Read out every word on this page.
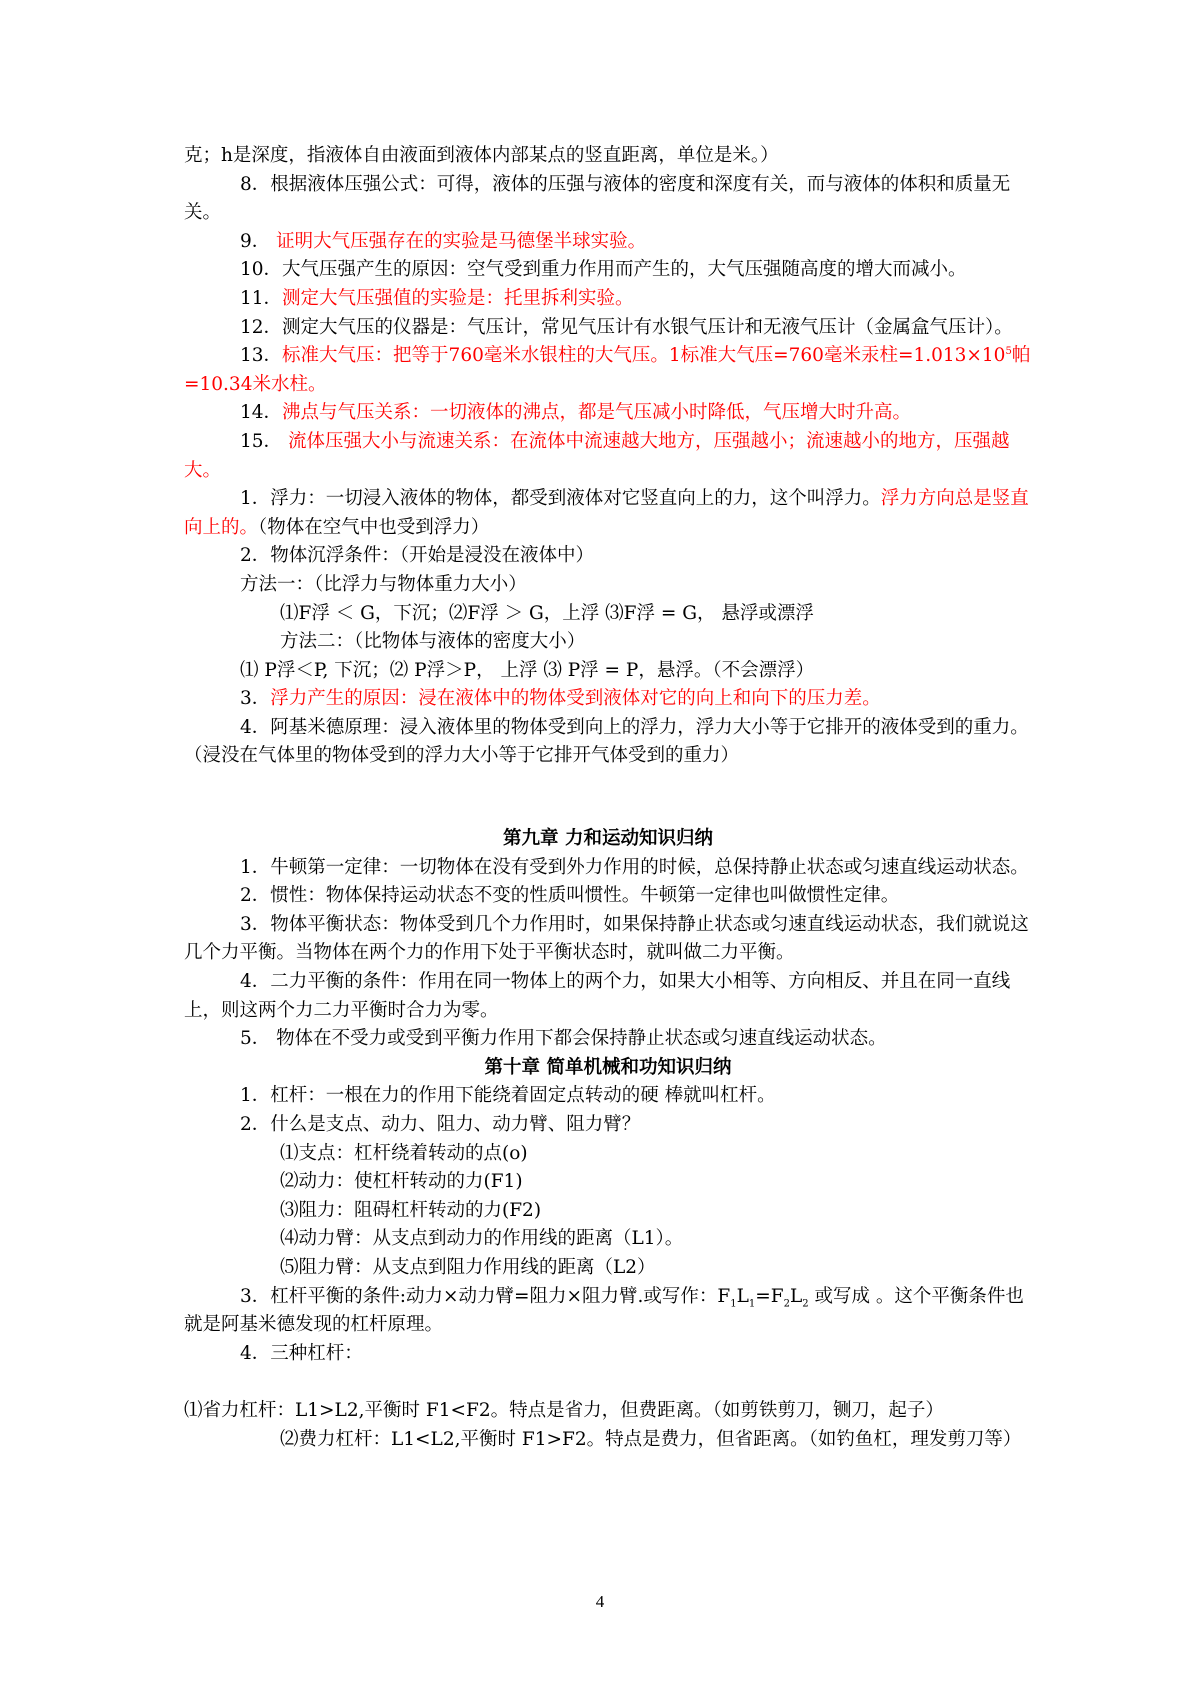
克；h是深度，指液体自由液面到液体内部某点的竖直距离，单位是米。）

8．根据液体压强公式：可得，液体的压强与液体的密度和深度有关，而与液体的体积和质量无关。

9． 证明大气压强存在的实验是马德堡半球实验。

10．大气压强产生的原因：空气受到重力作用而产生的，大气压强随高度的增大而减小。

11．测定大气压强值的实验是：托里拆利实验。

12．测定大气压的仪器是：气压计，常见气压计有水银气压计和无液气压计（金属盒气压计）。

13．标准大气压：把等于760毫米水银柱的大气压。1标准大气压=760毫米汞柱$=1.013\times 10^5$帕=10.34米水柱。

14．沸点与气压关系：一切液体的沸点，都是气压减小时降低，气压增大时升高。

15． 流体压强大小与流速关系：在流体中流速越大地方，压强越小；流速越小的地方，压强越大。

1．浮力：一切浸入液体的物体，都受到液体对它竖直向上的力，这个叫浮力。浮力方向总是竖直向上的。（物体在空气中也受到浮力）

2．物体沉浮条件：（开始是浸没在液体中）

方法一：（比浮力与物体重力大小）

⑴F浮 ＜ G，下沉；⑵F浮 ＞ G，上浮 ⑶F浮 = G， 悬浮或漂浮

方法二：（比物体与液体的密度大小）

⑴ P浮＜P, 下沉；⑵ P浮＞P， 上浮 ⑶ P浮 = P，悬浮。（不会漂浮）

3．浮力产生的原因：浸在液体中的物体受到液体对它的向上和向下的压力差。

4．阿基米德原理：浸入液体里的物体受到向上的浮力，浮力大小等于它排开的液体受到的重力。（浸没在气体里的物体受到的浮力大小等于它排开气体受到的重力）

第九章 力和运动知识归纳

1．牛顿第一定律：一切物体在没有受到外力作用的时候，总保持静止状态或匀速直线运动状态。

2．惯性：物体保持运动状态不变的性质叫惯性。牛顿第一定律也叫做惯性定律。

3．物体平衡状态：物体受到几个力作用时，如果保持静止状态或匀速直线运动状态，我们就说这几个力平衡。当物体在两个力的作用下处于平衡状态时，就叫做二力平衡。

4．二力平衡的条件：作用在同一物体上的两个力，如果大小相等、方向相反、并且在同一直线上，则这两个力二力平衡时合力为零。

5． 物体在不受力或受到平衡力作用下都会保持静止状态或匀速直线运动状态。

第十章 简单机械和功知识归纳

1．杠杆：一根在力的作用下能绕着固定点转动的硬 棒就叫杠杆。

2．什么是支点、动力、阻力、动力臂、阻力臂？

⑴支点：杠杆绕着转动的点(o)

⑵动力：使杠杆转动的力(F1)

⑶阻力：阻碍杠杆转动的力(F2)

⑷动力臂：从支点到动力的作用线的距离（L1）。

⑸阻力臂：从支点到阻力作用线的距离（L2）

3．杠杆平衡的条件:动力×动力臂=阻力×阻力臂.或写作：$F_1L_1=F_2L_2$ 或写成 。这个平衡条件也就是阿基米德发现的杠杆原理。

4．三种杠杆：

⑴省力杠杆：L1>L2,平衡时 F1<F2。特点是省力，但费距离。（如剪铁剪刀，铡刀，起子）

⑵费力杠杆：L1<L2,平衡时 F1>F2。特点是费力，但省距离。（如钓鱼杠，理发剪刀等）

4
